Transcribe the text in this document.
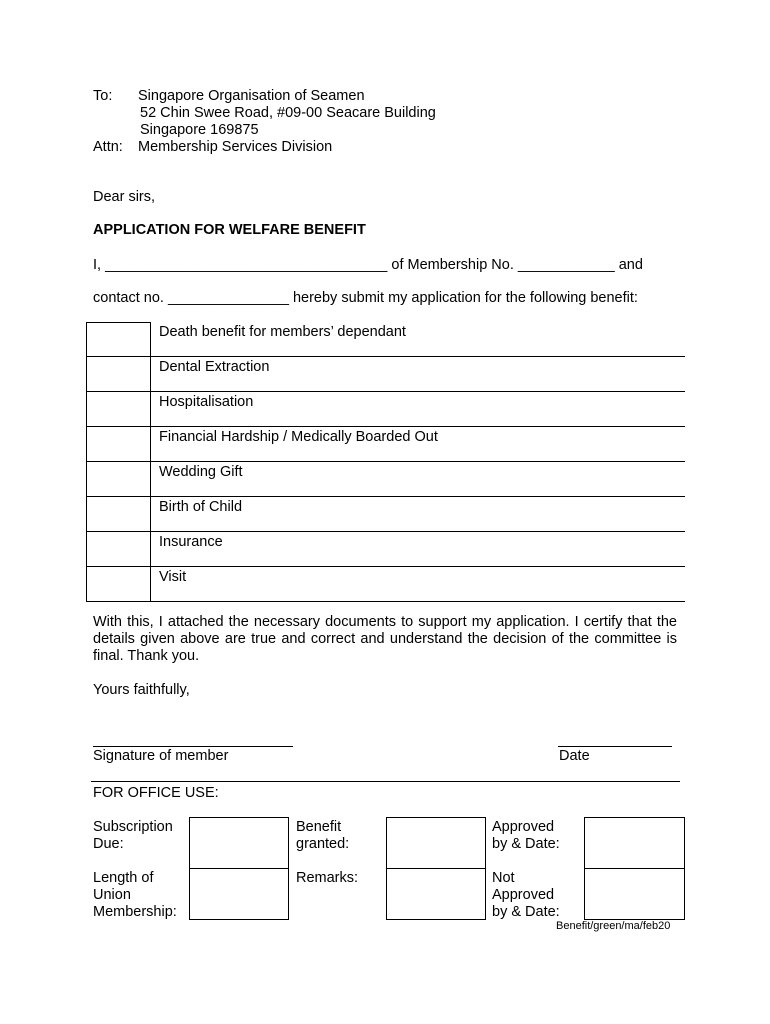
To: Singapore Organisation of Seamen
52 Chin Swee Road, #09-00 Seacare Building
Singapore 169875
Attn: Membership Services Division
Dear sirs,
APPLICATION FOR WELFARE BENEFIT
I, ___________________________________ of Membership No. ____________ and
contact no. _______________ hereby submit my application for the following benefit:
Death benefit for members’ dependant
Dental Extraction
Hospitalisation
Financial Hardship / Medically Boarded Out
Wedding Gift
Birth of Child
Insurance
Visit
With this, I attached the necessary documents to support my application. I certify that the details given above are true and correct and understand the decision of the committee is final. Thank you.
Yours faithfully,
Signature of member	Date
FOR OFFICE USE:
Subscription
Due:
Benefit
granted:
Approved
by & Date:
Length of
Union
Membership:
Remarks:	Not
Approved
by & Date:
Benefit/green/ma/feb20
